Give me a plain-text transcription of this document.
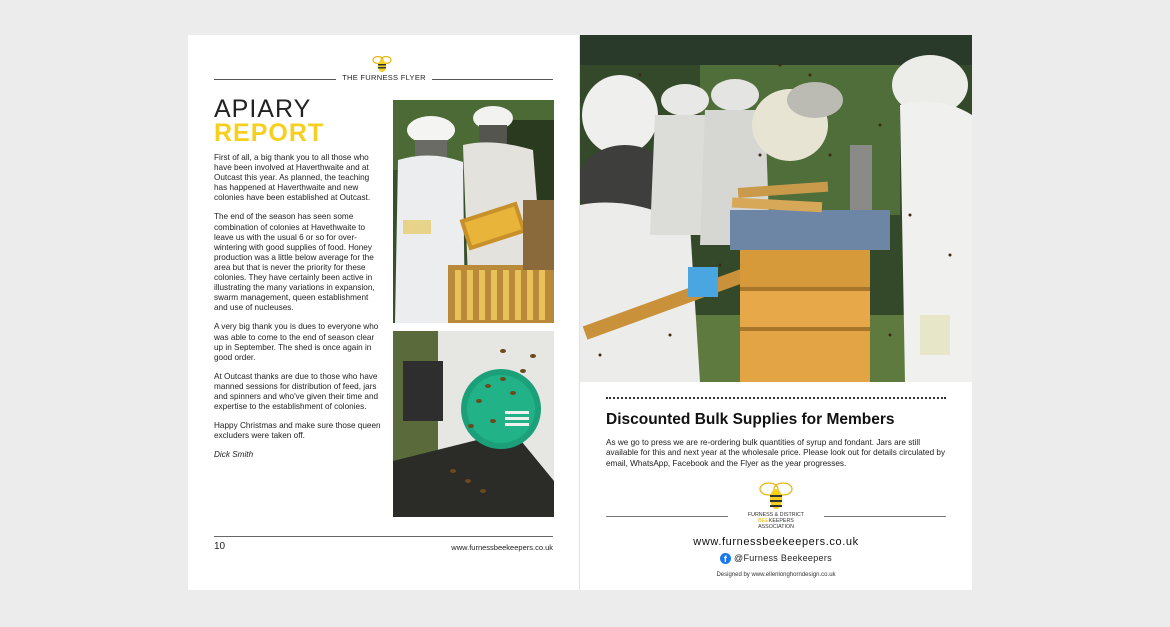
THE FURNESS FLYER
APIARY
REPORT

First of all, a big thank you to all those who have been involved at Haverthwaite and at Outcast this year. As planned, the teaching has happened at Haverthwaite and new colonies have been established at Outcast.

The end of the season has seen some combination of colonies at Havethwaite to leave us with the usual 6 or so for over-wintering with good supplies of food. Honey production was a little below average for the area but that is never the priority for these colonies. They have certainly been active in illustrating the many variations in expansion, swarm management, queen establishment and use of nucleuses.

A very big thank you is dues to everyone who was able to come to the end of season clear up in September. The shed is once again in good order.

At Outcast thanks are due to those who have manned sessions for distribution of feed, jars and spinners and who've given their time and expertise to the establishment of colonies.

Happy Christmas and make sure those queen excluders were taken off.

Dick Smith

10	www.furnessbeekeepers.co.uk
Discounted Bulk Supplies for Members
As we go to press we are re-ordering bulk quantities of syrup and fondant. Jars are still available for this and next year at the wholesale price. Please look out for details circulated by email, WhatsApp, Facebook and the Flyer as the year progresses.
FURNESS & DISTRICT
BEEKEEPERS
ASSOCIATION
www.furnessbeekeepers.co.uk
f @Furness Beekeepers
Designed by www.ellenlonghorndesign.co.uk
